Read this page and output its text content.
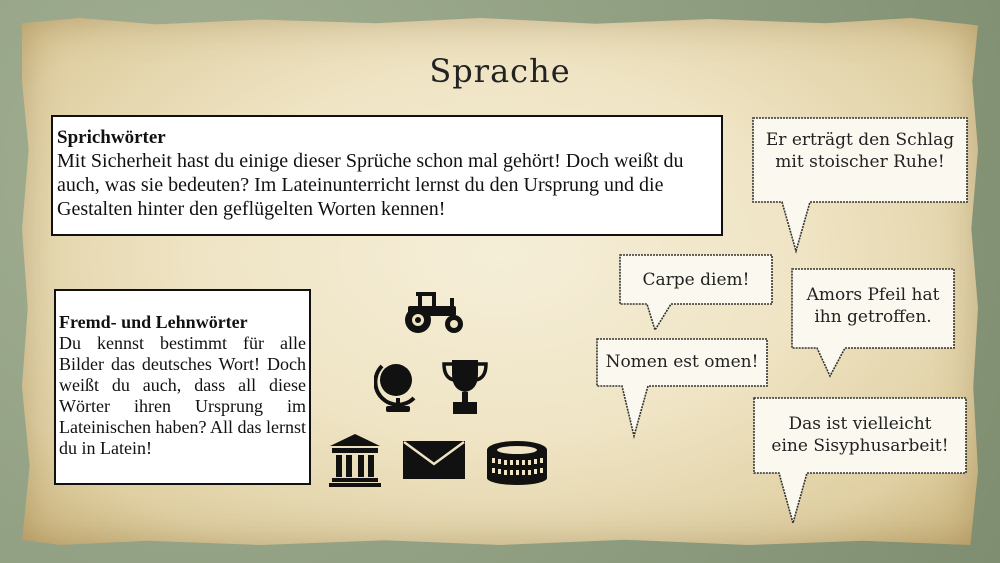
Sprache
Sprichwörter
Mit Sicherheit hast du einige dieser Sprüche schon mal gehört! Doch weißt du auch, was sie bedeuten? Im Lateinunterricht lernst du den Ursprung und die Gestalten hinter den geflügelten Worten kennen!
Fremd- und Lehnwörter
Du kennst bestimmt für alle Bilder das deutsches Wort! Doch weißt du auch, dass all diese Wörter ihren Ursprung im Lateinischen haben? All das lernst du in Latein!
Er erträgt den Schlag
mit stoischer Ruhe!
Carpe diem!
Amors Pfeil hat
ihn getroffen.
Nomen est omen!
Das ist vielleicht
eine Sisyphusarbeit!
